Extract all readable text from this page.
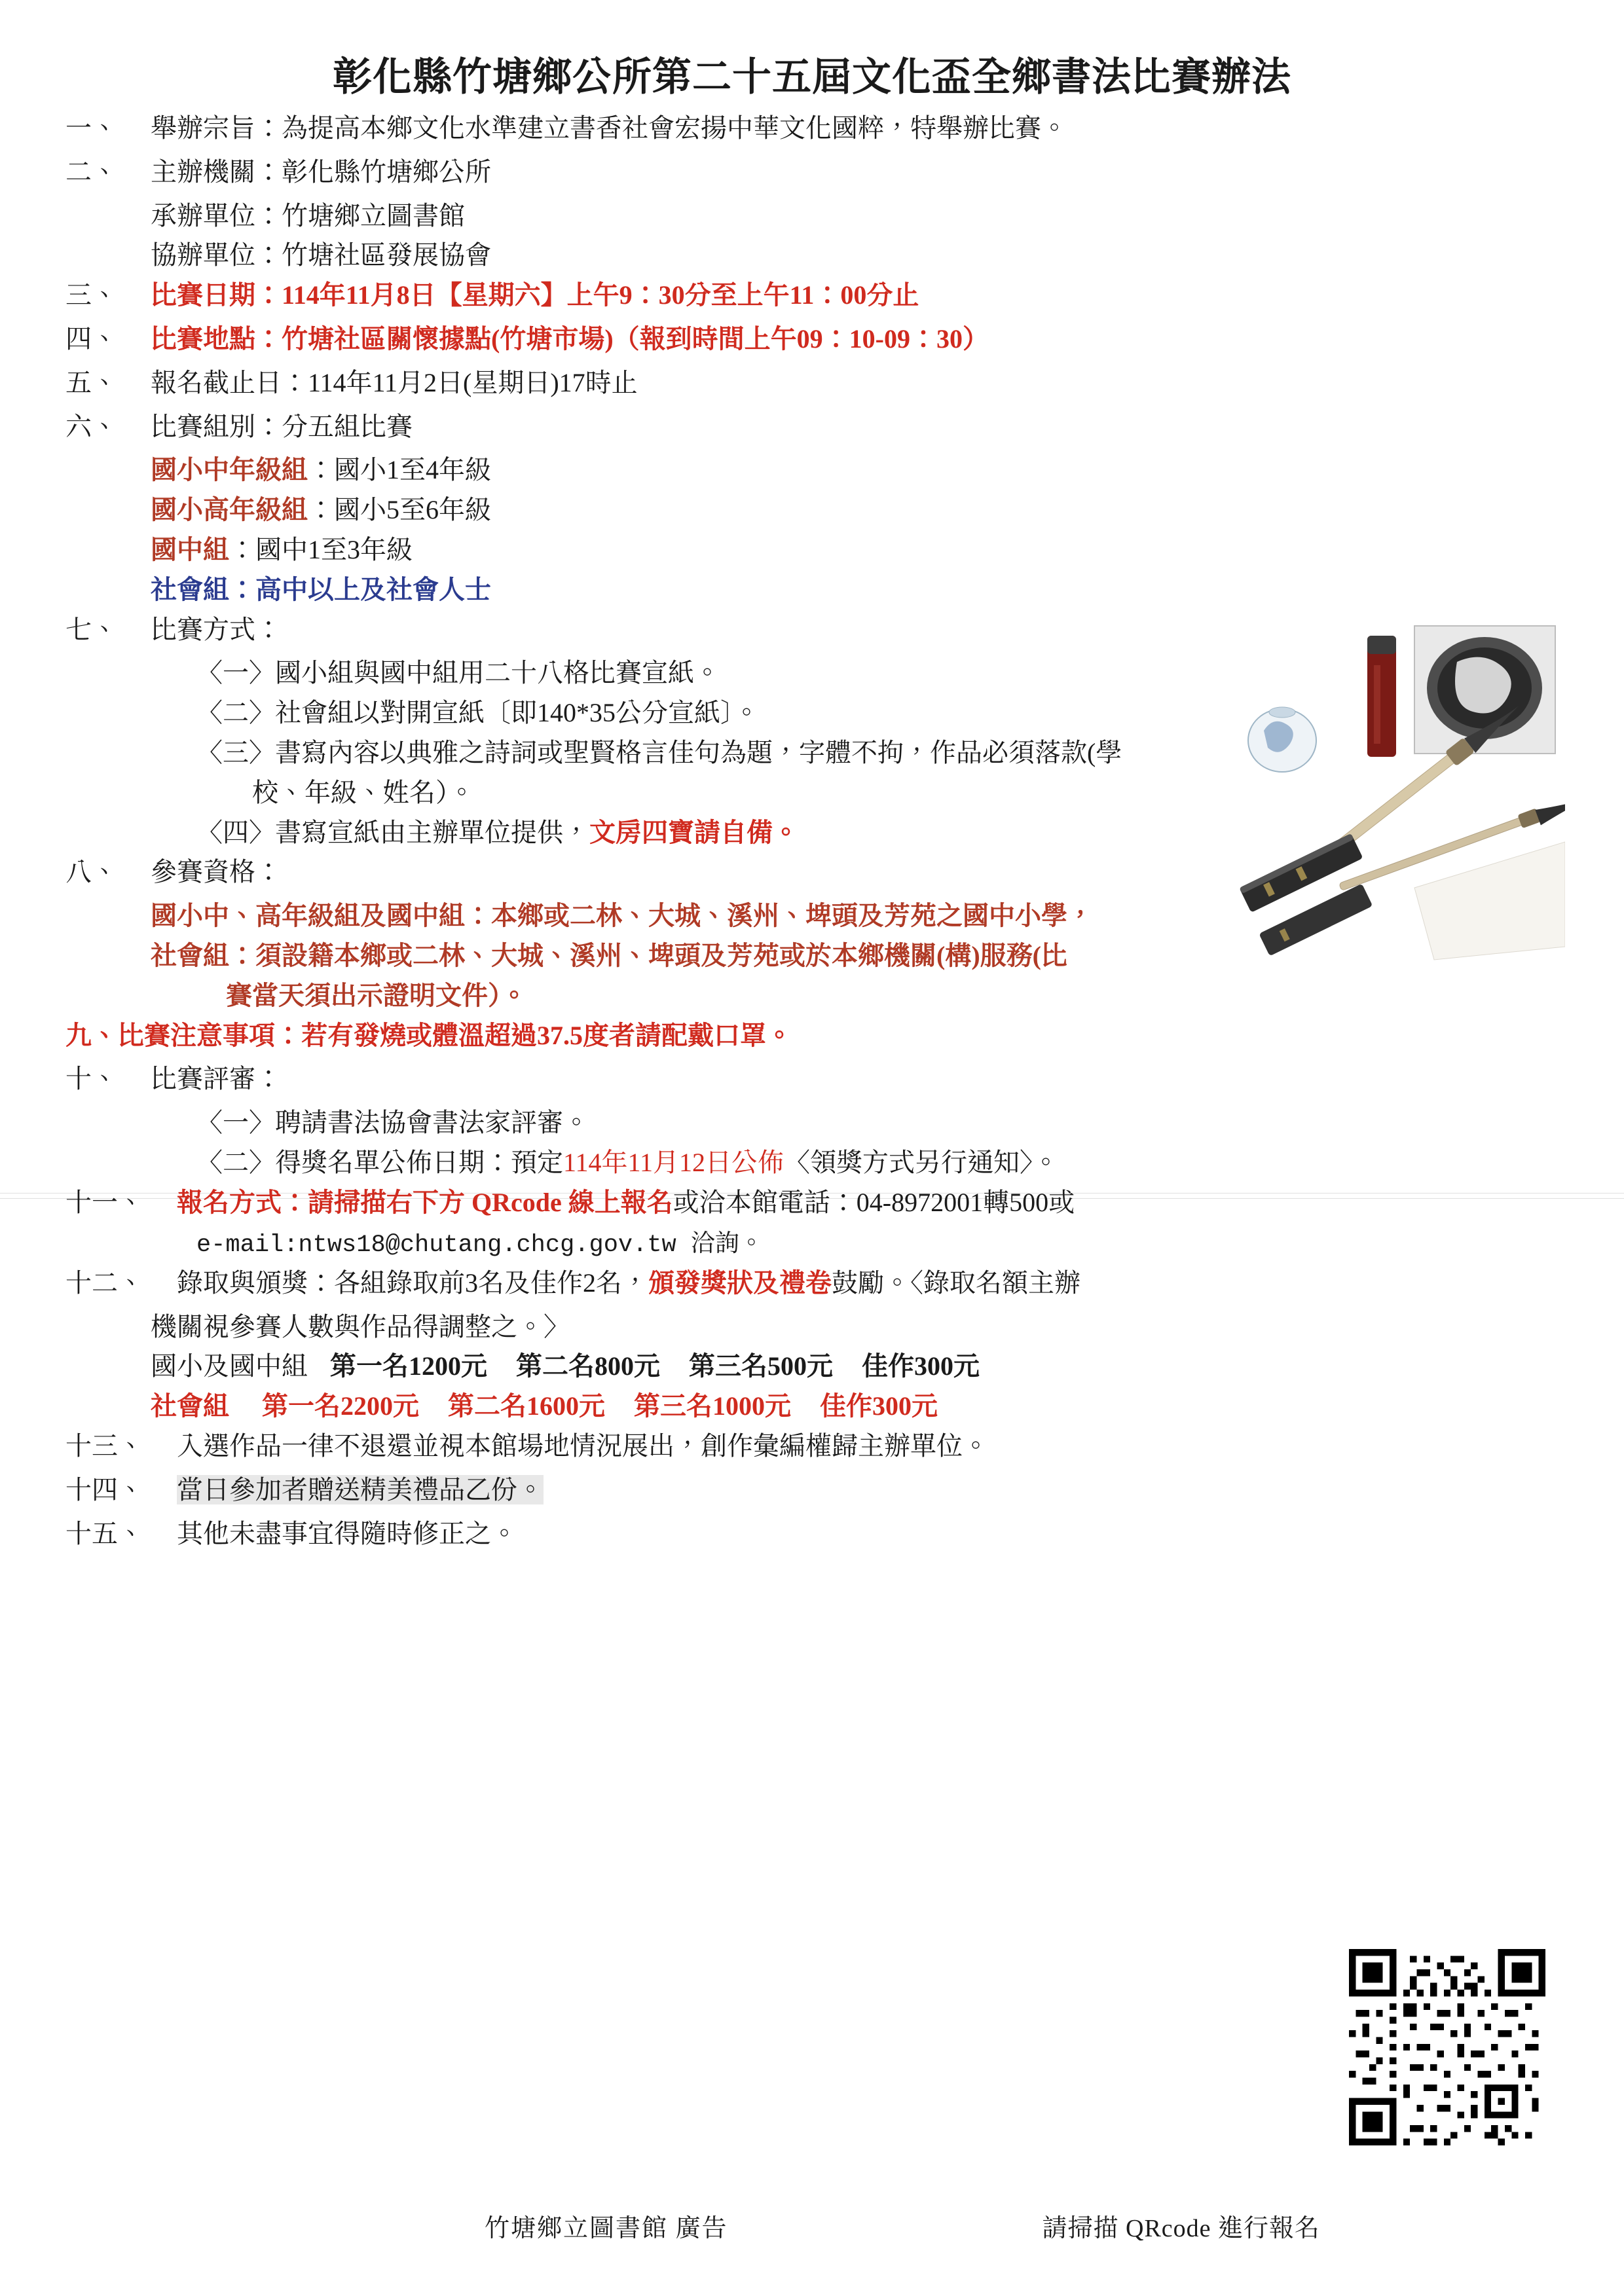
彰化縣竹塘鄉公所第二十五屆文化盃全鄉書法比賽辦法
一、	舉辦宗旨：為提高本鄉文化水準建立書香社會宏揚中華文化國粹，特舉辦比賽。
二、	主辦機關：彰化縣竹塘鄉公所
承辦單位：竹塘鄉立圖書館
協辦單位：竹塘社區發展協會
三、	比賽日期：114年11月8日【星期六】上午9：30分至上午11：00分止
四、	比賽地點：竹塘社區關懷據點(竹塘市場)（報到時間上午09：10-09：30）
五、	報名截止日：114年11月2日(星期日)17時止
六、	比賽組別：分五組比賽
國小中年級組：國小1至4年級
國小高年級組：國小5至6年級
國中組：國中1至3年級
社會組：高中以上及社會人士
七、	比賽方式：
〈一〉國小組與國中組用二十八格比賽宣紙。
〈二〉社會組以對開宣紙〔即140*35公分宣紙〕。
〈三〉書寫內容以典雅之詩詞或聖賢格言佳句為題，字體不拘，作品必須落款(學
校、年級、姓名）。
〈四〉書寫宣紙由主辦單位提供，文房四寶請自備。
八、	參賽資格：
國小中、高年級組及國中組：本鄉或二林、大城、溪州、埤頭及芳苑之國中小學，
社會組：須設籍本鄉或二林、大城、溪州、埤頭及芳苑或於本鄉機關(構)服務(比
賽當天須出示證明文件）。
九、比賽注意事項：若有發燒或體溫超過37.5度者請配戴口罩。
十、	比賽評審：
〈一〉聘請書法協會書法家評審。
〈二〉得獎名單公佈日期：預定114年11月12日公佈〈領獎方式另行通知〉。
十一、	報名方式：請掃描右下方 QRcode 線上報名或洽本館電話：04-8972001轉500或
e-mail:ntws18@chutang.chcg.gov.tw 洽詢。
十二、	錄取與頒獎：各組錄取前3名及佳作2名，頒發獎狀及禮卷鼓勵。〈錄取名額主辦
機關視參賽人數與作品得調整之。〉
國小及國中組 第一名1200元 第二名800元 第三名500元 佳作300元
社會組 第一名2200元 第二名1600元 第三名1000元 佳作300元
十三、	入選作品一律不退還並視本館場地情況展出，創作彙編權歸主辦單位。
十四、	當日參加者贈送精美禮品乙份。
十五、	其他未盡事宜得隨時修正之。
竹塘鄉立圖書館 廣告	請掃描 QRcode 進行報名
